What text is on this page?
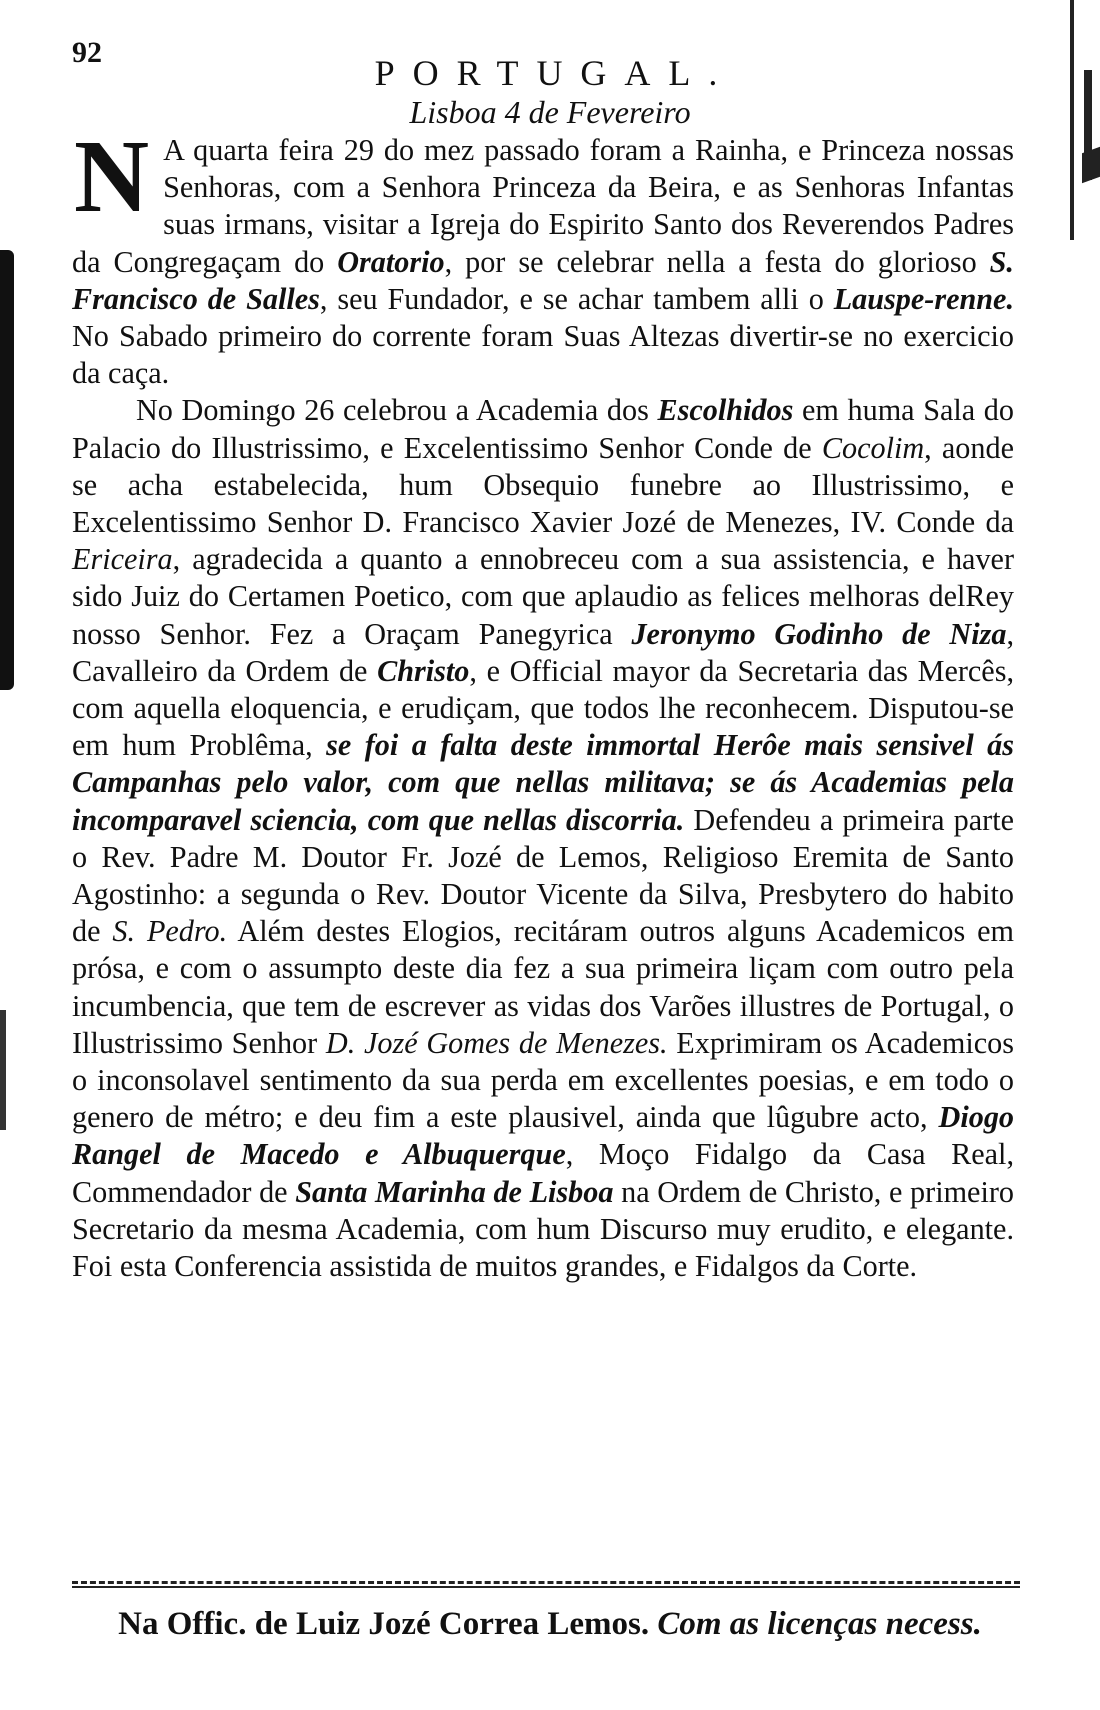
92
PORTUGAL.
Lisboa 4 de Fevereiro

N A quarta feira 29 do mez passado foram a Rainha, e Princeza nossas Senhoras, com a Senhora Princeza da Beira, e as Senhoras Infantas suas irmans, visitar a Igreja do Espirito Santo dos Reverendos Padres da Congregaçam do Oratorio, por se celebrar nella a festa do glorioso S. Francisco de Salles, seu Fundador, e se achar tambem alli o Lauspe-renne. No Sabado primeiro do corrente foram Suas Altezas divertir-se no exercicio da caça.

No Domingo 26 celebrou a Academia dos Escolhidos em huma Sala do Palacio do Illustrissimo, e Excelentissimo Senhor Conde de Cocolim, aonde se acha estabelecida, hum Obsequio funebre ao Illustrissimo, e Excelentissimo Senhor D. Francisco Xavier Jozé de Menezes, IV. Conde da Ericeira, agradecida a quanto a ennobreceu com a sua assistencia, e haver sido Juiz do Certamen Poetico, com que aplaudio as felices melhoras delRey nosso Senhor. Fez a Oraçam Panegyrica Jeronymo Godinho de Niza, Cavalleiro da Ordem de Christo, e Official mayor da Secretaria das Mercês, com aquella eloquencia, e erudiçam, que todos lhe reconhecem. Disputou-se em hum Problêma, se foi a falta deste immortal Herôe mais sensivel ás Campanhas pelo valor, com que nellas militava; se ás Academias pela incomparavel sciencia, com que nellas discorria. Defendeu a primeira parte o Rev. Padre M. Doutor Fr. Jozé de Lemos, Religioso Eremita de Santo Agostinho: a segunda o Rev. Doutor Vicente da Silva, Presbytero do habito de S. Pedro. Além destes Elogios, recitáram outros alguns Academicos em prósa, e com o assumpto deste dia fez a sua primeira liçam com outro pela incumbencia, que tem de escrever as vidas dos Varões illustres de Portugal, o Illustrissimo Senhor D. Jozé Gomes de Menezes. Exprimiram os Academicos o inconsolavel sentimento da sua perda em excellentes poesias, e em todo o genero de métro; e deu fim a este plausivel, ainda que lûgubre acto, Diogo Rangel de Macedo e Albuquerque, Moço Fidalgo da Casa Real, Commendador de Santa Marinha de Lisboa na Ordem de Christo, e primeiro Secretario da mesma Academia, com hum Discurso muy erudito, e elegante. Foi esta Conferencia assistida de muitos grandes, e Fidalgos da Corte.

Na Offic. de Luiz Jozé Correa Lemos. Com as licenças necess.
